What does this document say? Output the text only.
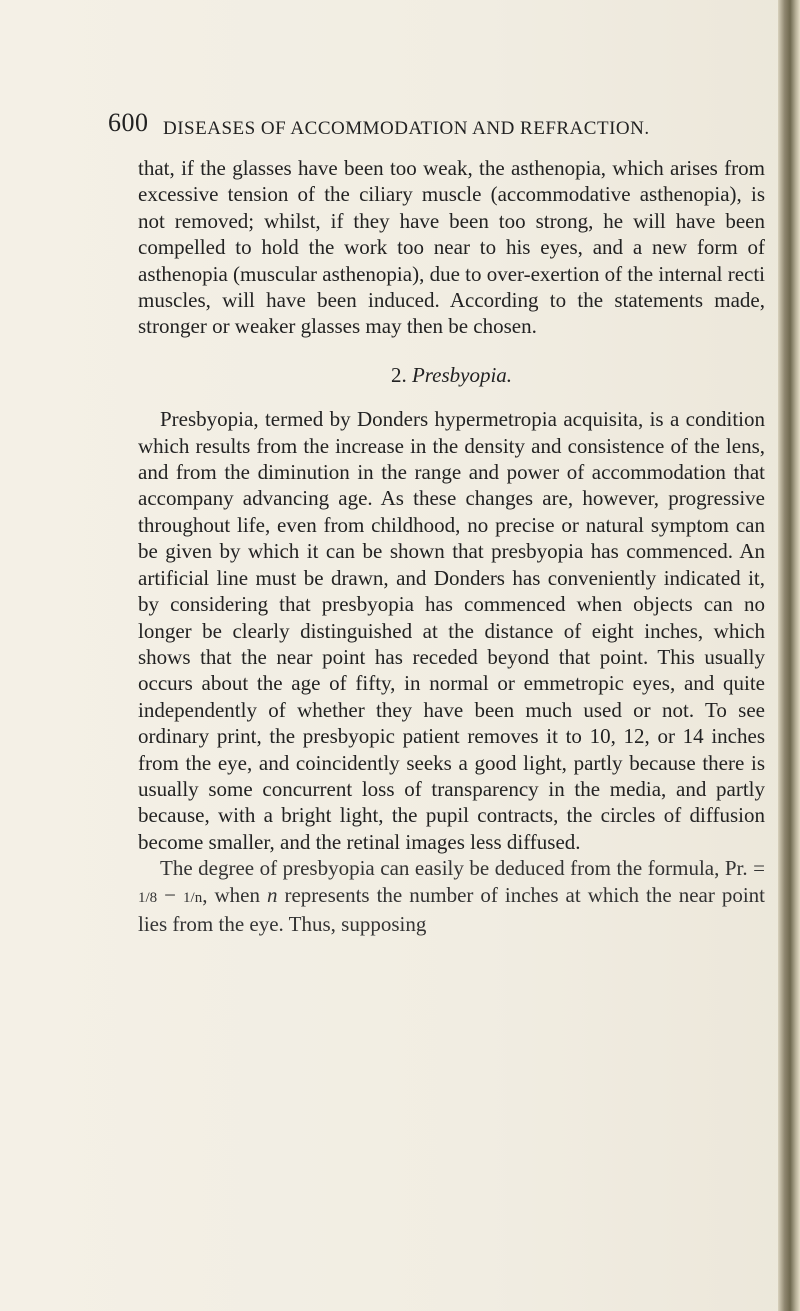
600 DISEASES OF ACCOMMODATION AND REFRACTION.

that, if the glasses have been too weak, the asthenopia, which arises from excessive tension of the ciliary muscle (accommodative asthenopia), is not removed; whilst, if they have been too strong, he will have been compelled to hold the work too near to his eyes, and a new form of asthenopia (muscular asthenopia), due to over-exertion of the internal recti muscles, will have been induced. According to the statements made, stronger or weaker glasses may then be chosen.

2. Presbyopia.

Presbyopia, termed by Donders hypermetropia acquisita, is a condition which results from the increase in the density and consistence of the lens, and from the diminution in the range and power of accommodation that accompany advancing age. As these changes are, however, progressive throughout life, even from childhood, no precise or natural symptom can be given by which it can be shown that presbyopia has commenced. An artificial line must be drawn, and Donders has conveniently indicated it, by considering that presbyopia has commenced when objects can no longer be clearly distinguished at the distance of eight inches, which shows that the near point has receded beyond that point. This usually occurs about the age of fifty, in normal or emmetropic eyes, and quite independently of whether they have been much used or not. To see ordinary print, the presbyopic patient removes it to 10, 12, or 14 inches from the eye, and coincidently seeks a good light, partly because there is usually some concurrent loss of transparency in the media, and partly because, with a bright light, the pupil contracts, the circles of diffusion become smaller, and the retinal images less diffused.

The degree of presbyopia can easily be deduced from the formula, Pr. = 1/8 − 1/n, when n represents the number of inches at which the near point lies from the eye. Thus, supposing
